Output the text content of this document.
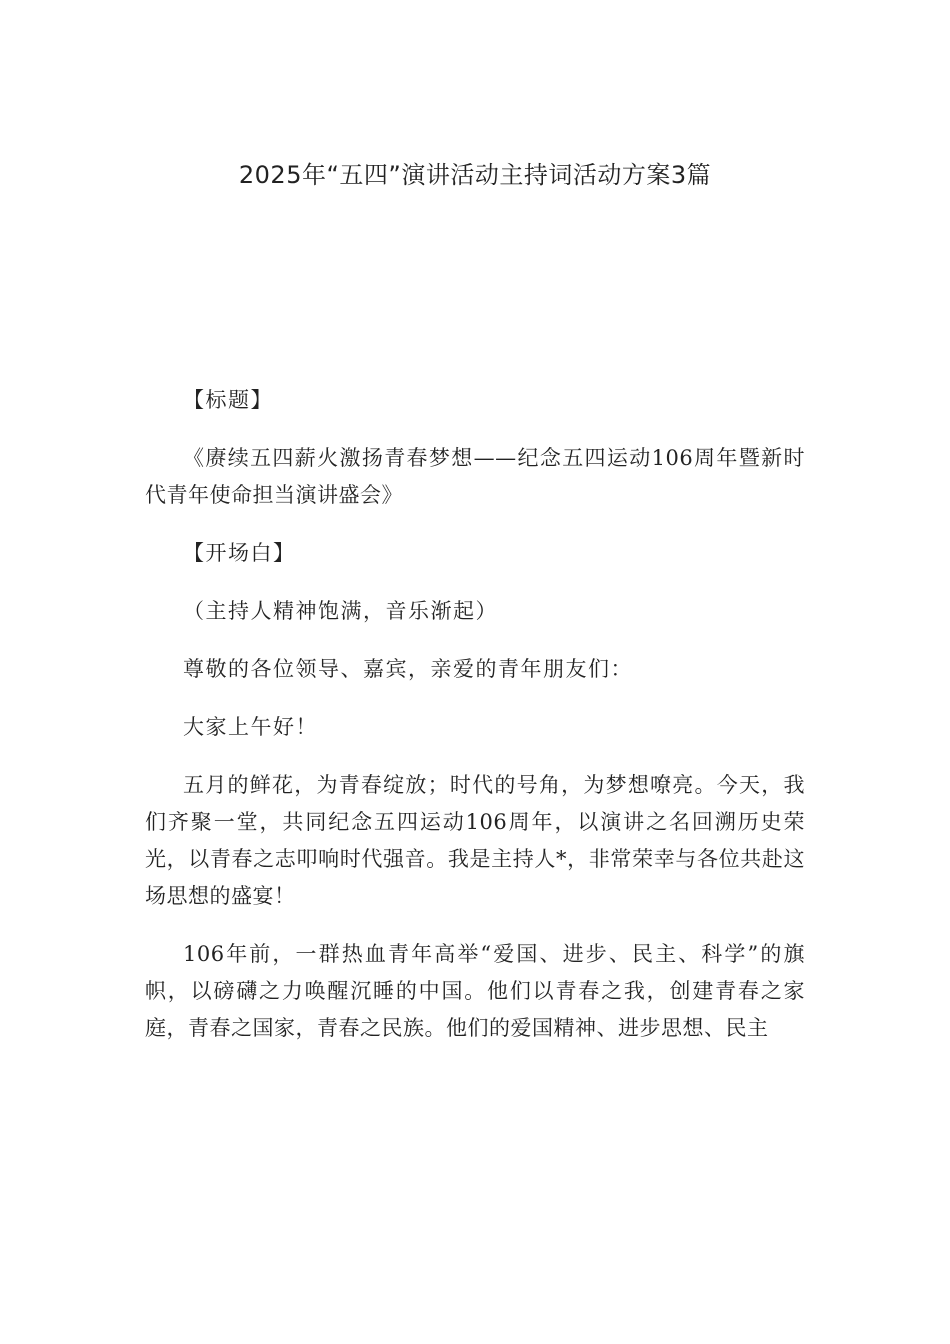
2025年“五四”演讲活动主持词活动方案3篇

【标题】

《赓续五四薪火激扬青春梦想——纪念五四运动106周年暨新时代青年使命担当演讲盛会》

【开场白】

（主持人精神饱满，音乐渐起）

尊敬的各位领导、嘉宾，亲爱的青年朋友们：

大家上午好！

五月的鲜花，为青春绽放；时代的号角，为梦想嘹亮。今天，我们齐聚一堂，共同纪念五四运动106周年，以演讲之名回溯历史荣光，以青春之志叩响时代强音。我是主持人*，非常荣幸与各位共赴这场思想的盛宴！

106年前，一群热血青年高举“爱国、进步、民主、科学”的旗帜，以磅礴之力唤醒沉睡的中国。他们以青春之我，创建青春之家庭，青春之国家，青春之民族。他们的爱国精神、进步思想、民主
